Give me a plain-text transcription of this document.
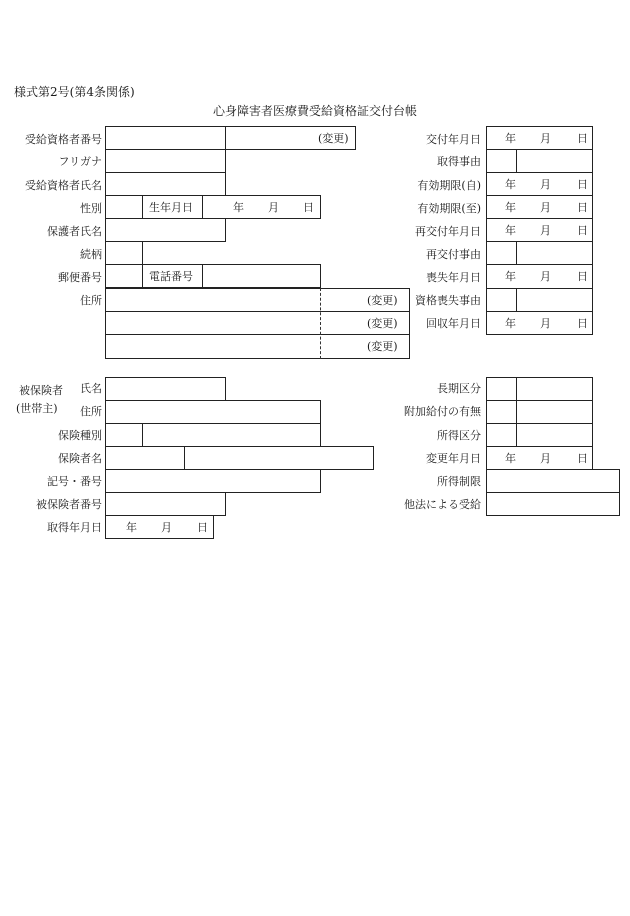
様式第2号(第4条関係)
心身障害者医療費受給資格証交付台帳
受給資格者番号
フリガナ
受給資格者氏名
性別
保護者氏名
続柄
郵便番号
住所
(変更)
生年月日	年 月 日
電話番号
(変更)
(変更)
(変更)
交付年月日
取得事由
有効期限(自)
有効期限(至)
再交付年月日
再交付事由
喪失年月日
資格喪失事由
回収年月日
年 月 日
年 月 日
年 月 日
年 月 日
年 月 日
年 月 日
被保険者
(世帯主)
氏名
住所
保険種別
保険者名
記号・番号
被保険者番号
取得年月日 年 月 日
長期区分
附加給付の有無
所得区分
変更年月日
所得制限
他法による受給
年 月 日
